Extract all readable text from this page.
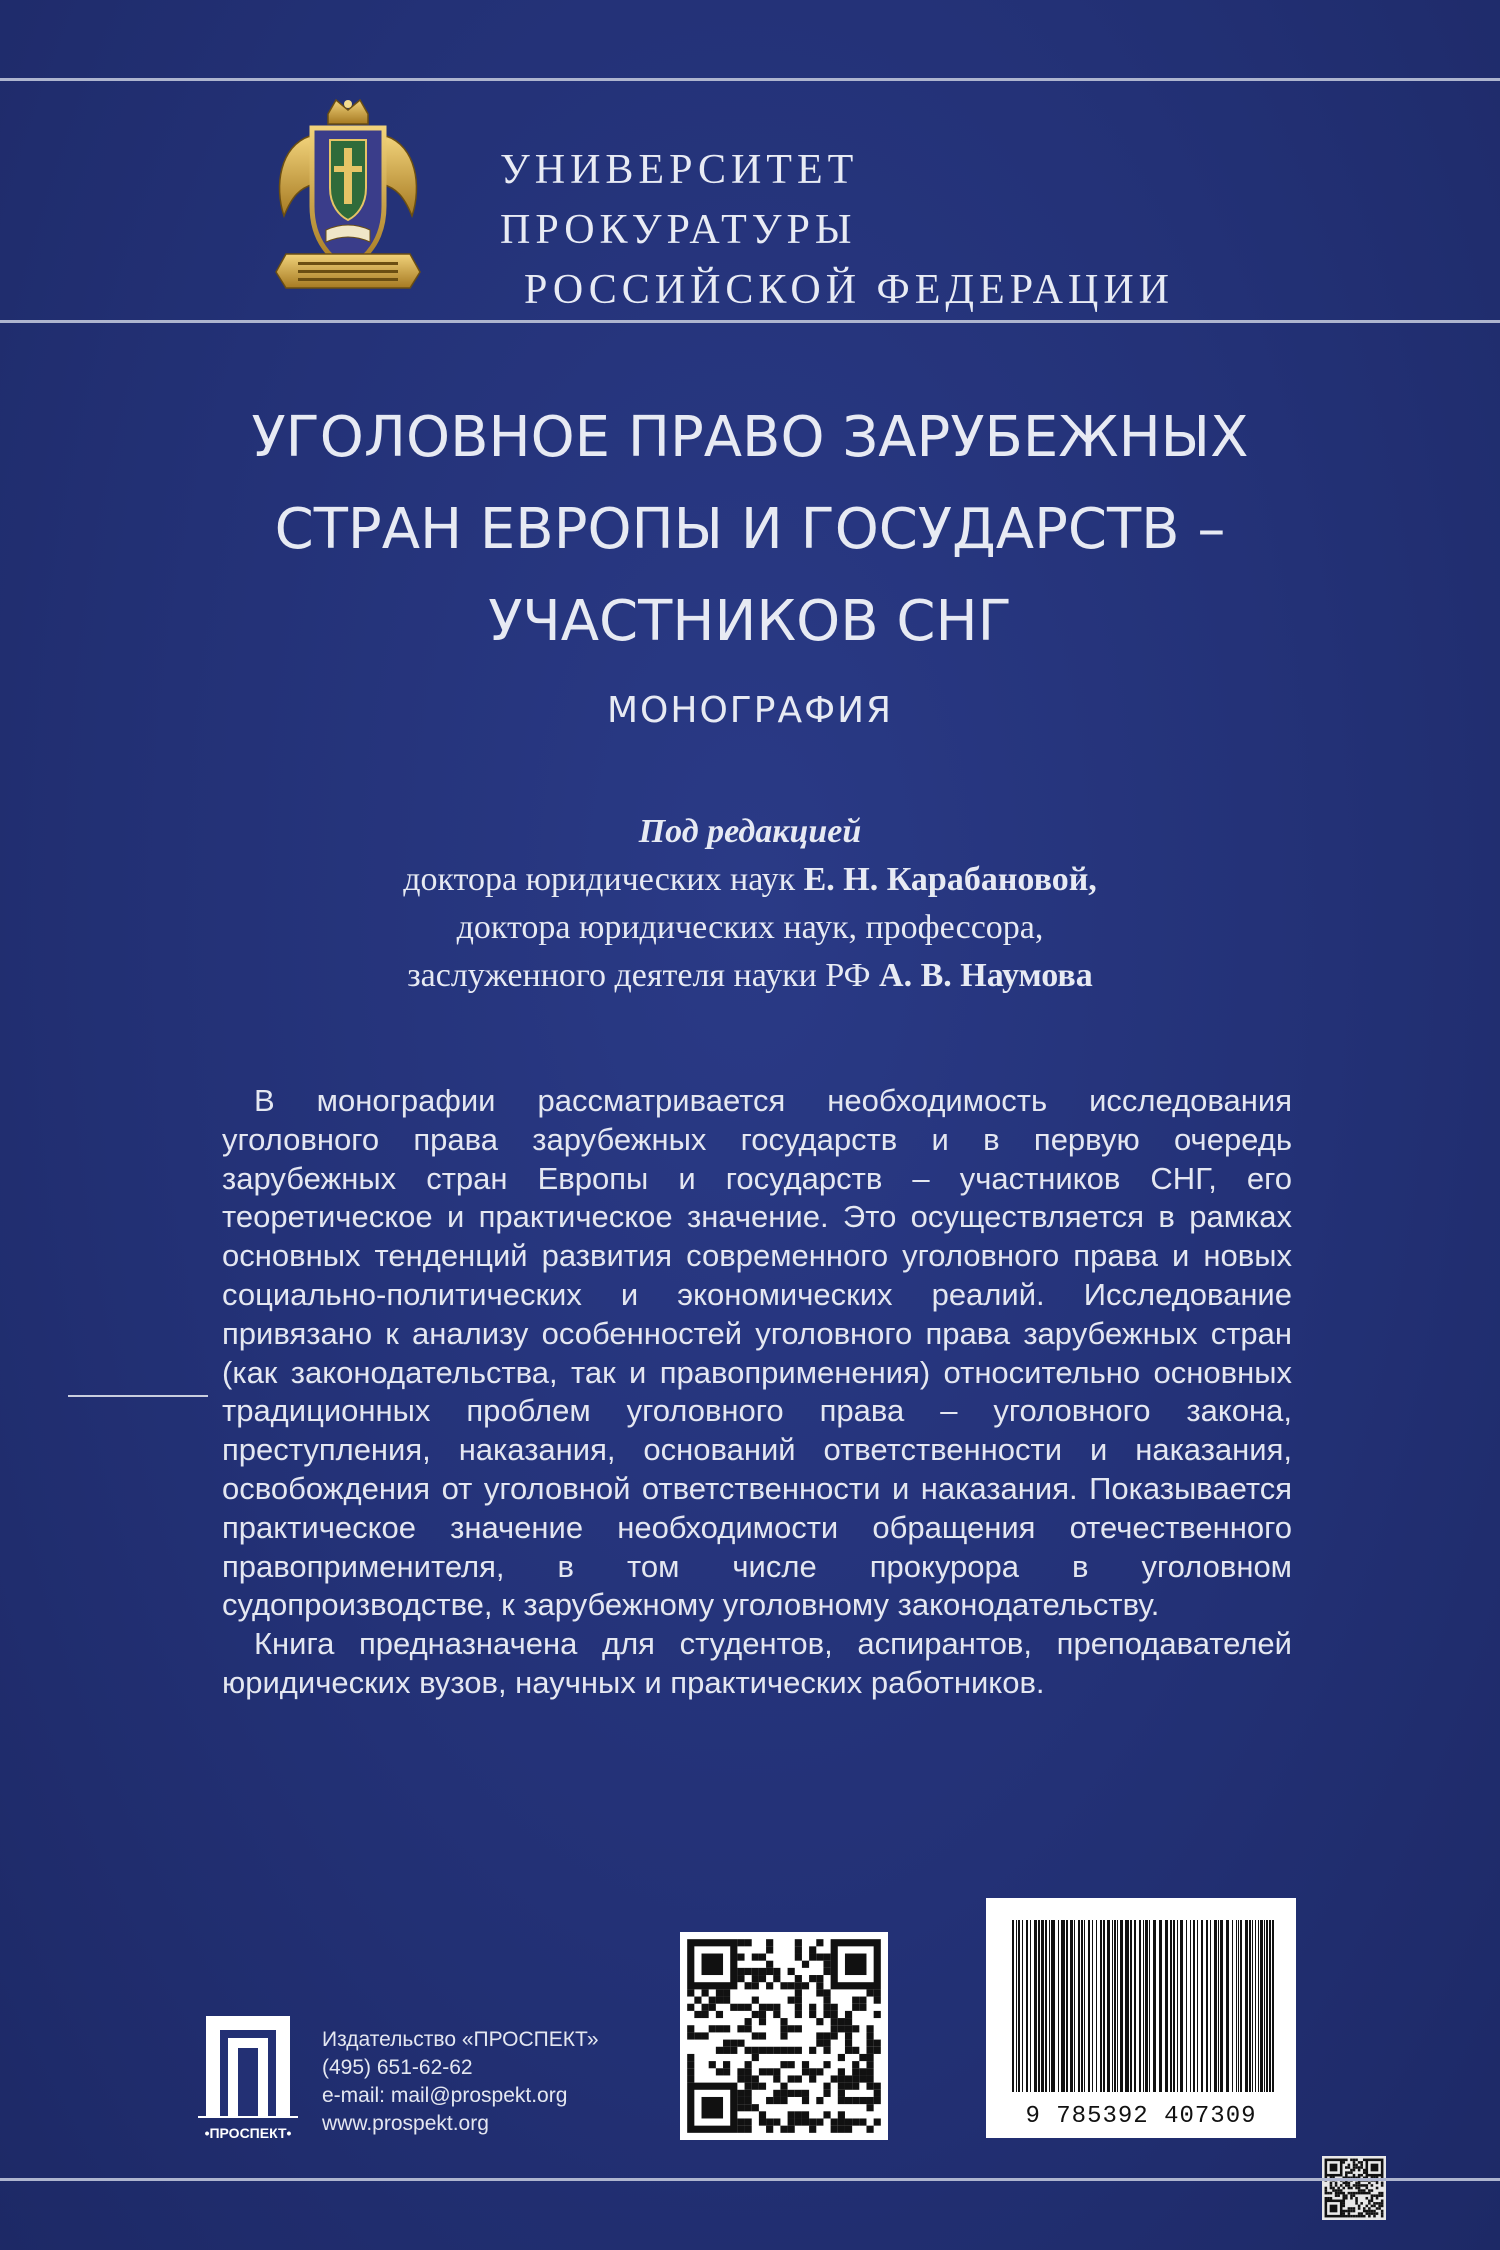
УНИВЕРСИТЕТ ПРОКУРАТУРЫ
РОССИЙСКОЙ ФЕДЕРАЦИИ
УГОЛОВНОЕ ПРАВО ЗАРУБЕЖНЫХ
СТРАН ЕВРОПЫ И ГОСУДАРСТВ –
УЧАСТНИКОВ СНГ
МОНОГРАФИЯ
Под редакцией
доктора юридических наук Е. Н. Карабановой,
доктора юридических наук, профессора,
заслуженного деятеля науки РФ А. В. Наумова

В монографии рассматривается необходимость исследования уголовного права зарубежных государств и в первую очередь зарубежных стран Европы и государств – участников СНГ, его теоретическое и практическое значение. Это осуществляется в рамках основных тенденций развития современного уголовного права и новых социально-политических и экономических реалий. Исследование привязано к анализу особенностей уголовного права зарубежных стран (как законодательства, так и правоприменения) относительно основных традиционных проблем уголовного права – уголовного закона, преступления, наказания, оснований ответственности и наказания, освобождения от уголовной ответственности и наказания. Показывается практическое значение необходимости обращения отечественного правоприменителя, в том числе прокурора в уголовном судопроизводстве, к зарубежному уголовному законодательству.

Книга предназначена для студентов, аспирантов, преподавателей юридических вузов, научных и практических работников.

•ПРОСПЕКТ•
Издательство «ПРОСПЕКТ»
(495) 651-62-62
e-mail: mail@prospekt.org
www.prospekt.org	9 785392 407309
